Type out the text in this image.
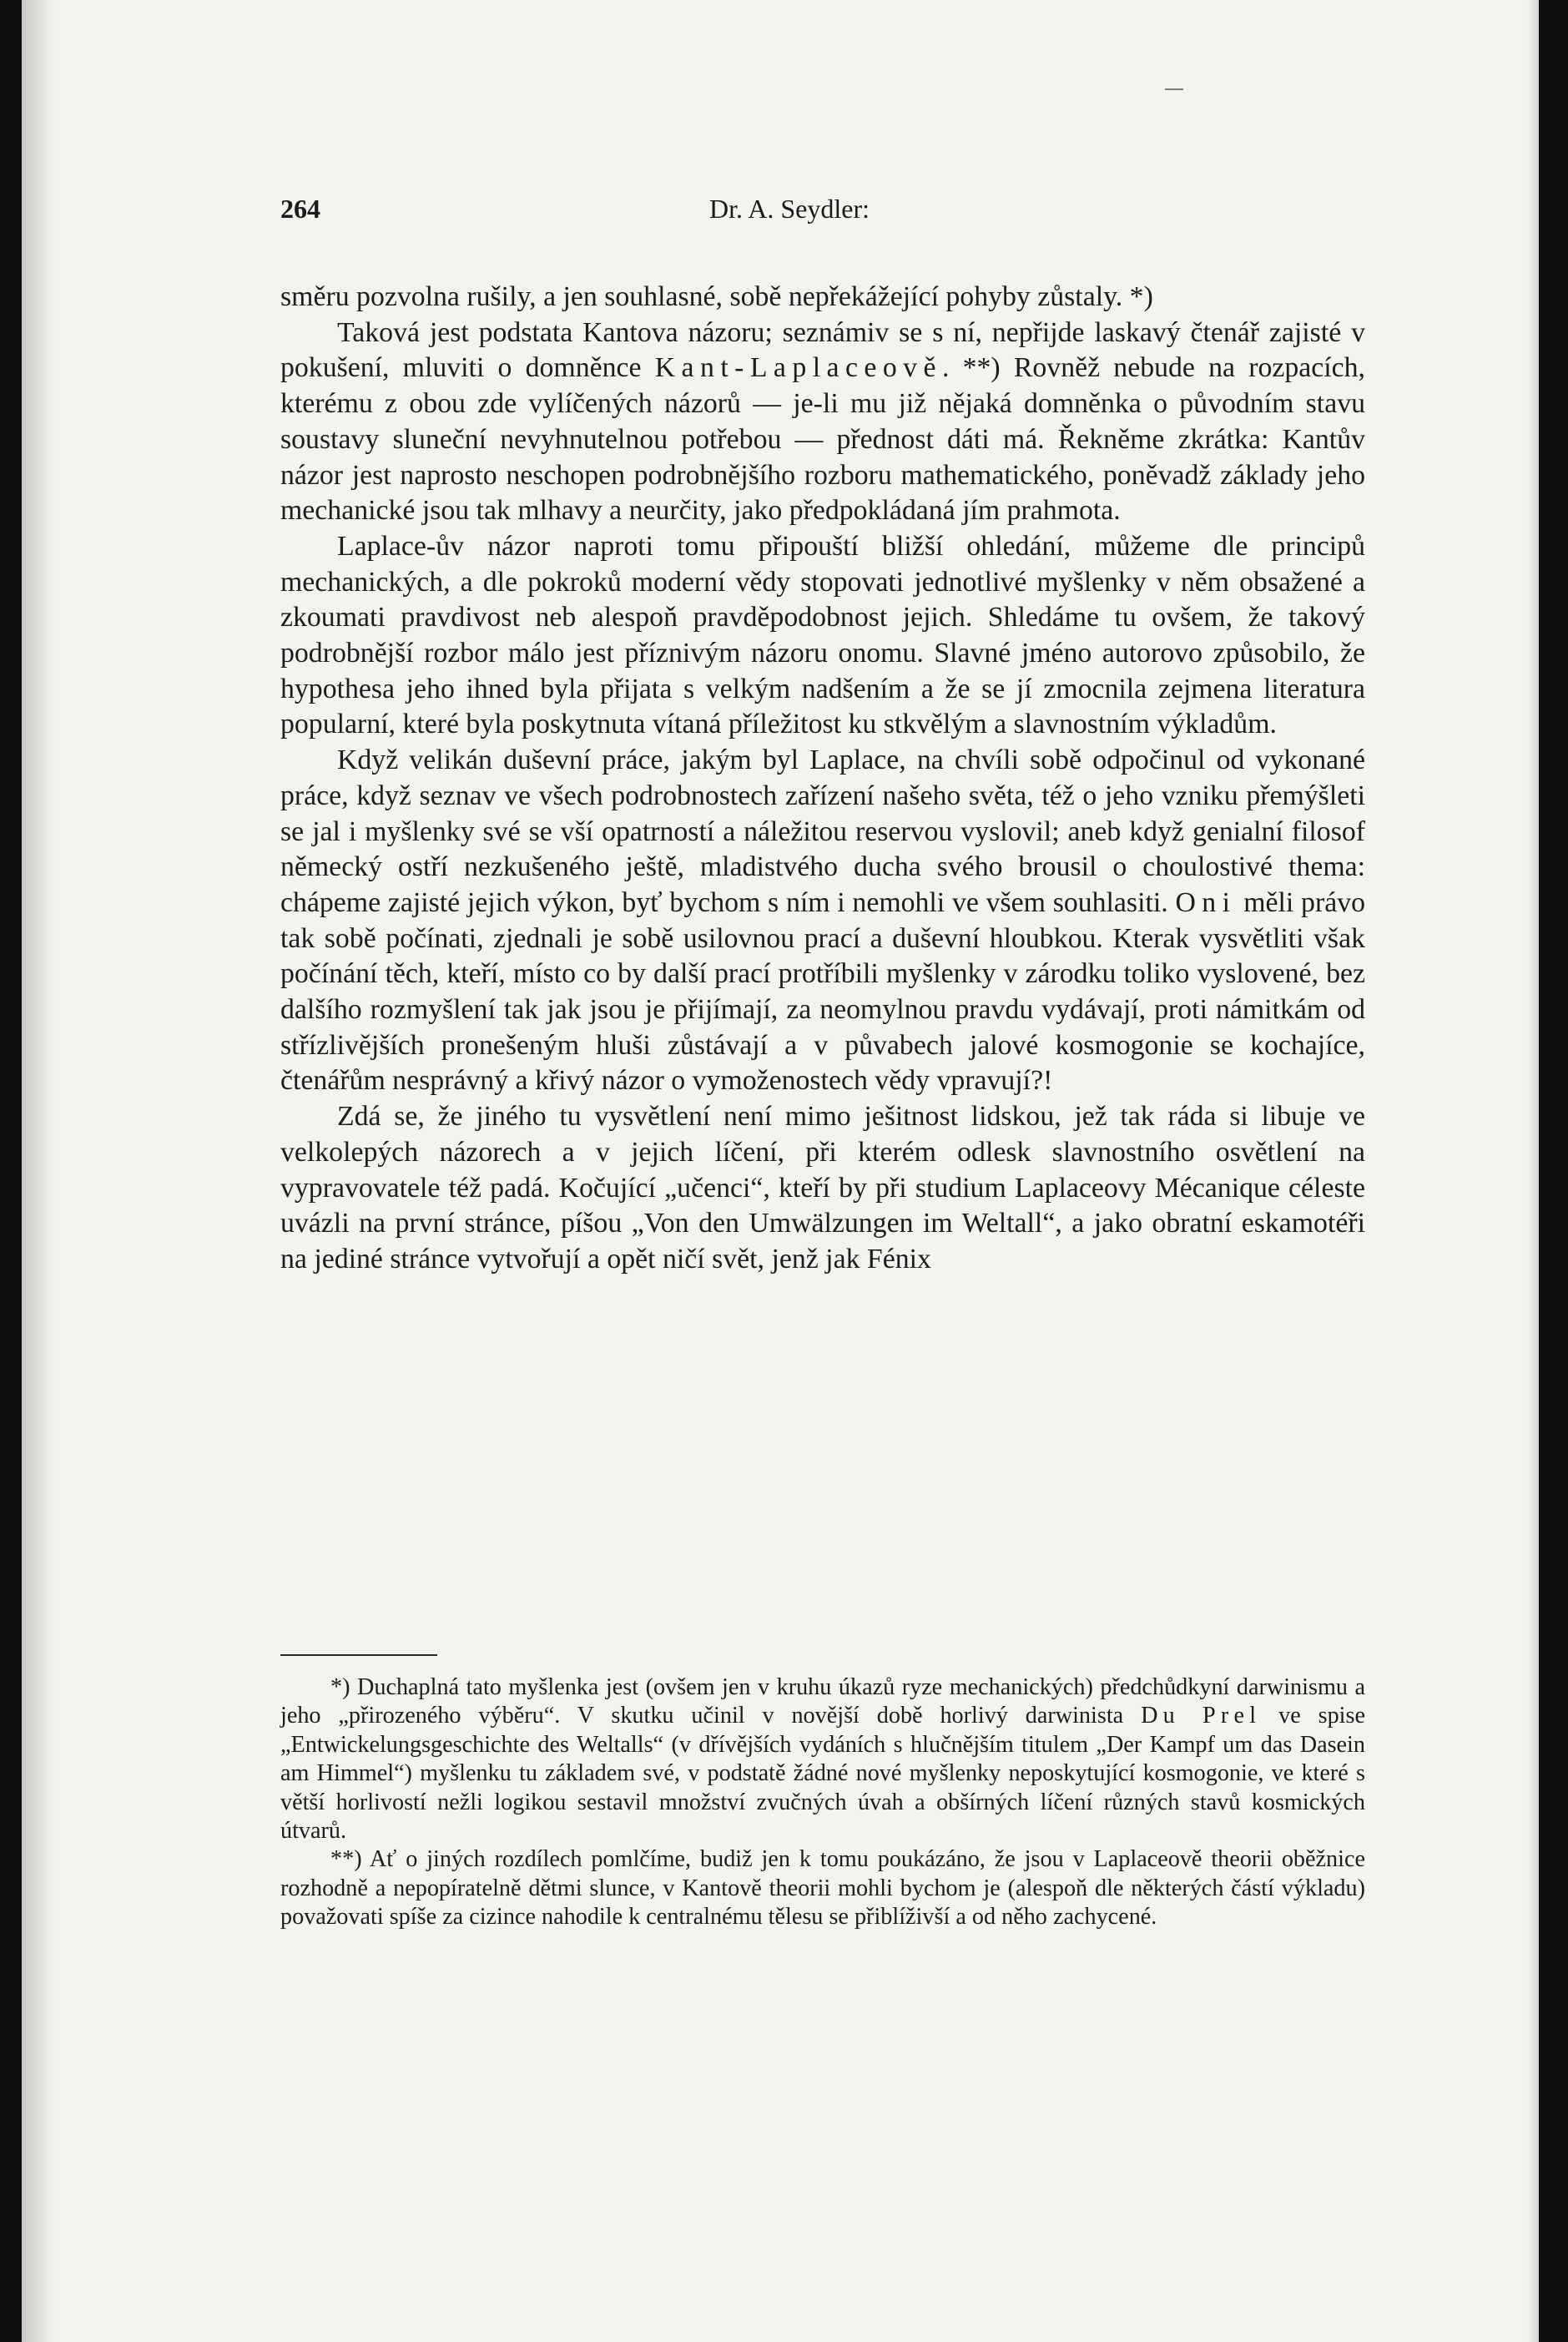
264	Dr. A. Seydler:

směru pozvolna rušily, a jen souhlasné, sobě nepřekážející pohyby zůstaly. *)

Taková jest podstata Kantova názoru; seznámiv se s ní, nepřijde laskavý čtenář zajisté v pokušení, mluviti o domněnce Kant-Laplaceově. **) Rovněž nebude na rozpacích, kterému z obou zde vylíčených názorů — je-li mu již nějaká domněnka o původním stavu soustavy sluneční nevyhnutelnou potřebou — přednost dáti má. Řekněme zkrátka: Kantův názor jest naprosto neschopen podrobnějšího rozboru mathematického, poněvadž základy jeho mechanické jsou tak mlhavy a neurčity, jako předpokládaná jím prahmota.

Laplace-ův názor naproti tomu připouští bližší ohledání, můžeme dle principů mechanických, a dle pokroků moderní vědy stopovati jednotlivé myšlenky v něm obsažené a zkoumati pravdivost neb alespoň pravděpodobnost jejich. Shledáme tu ovšem, že takový podrobnější rozbor málo jest příznivým názoru onomu. Slavné jméno autorovo způsobilo, že hypothesa jeho ihned byla přijata s velkým nadšením a že se jí zmocnila zejmena literatura popularní, které byla poskytnuta vítaná příležitost ku stkvělým a slavnostním výkladům.

Když velikán duševní práce, jakým byl Laplace, na chvíli sobě odpočinul od vykonané práce, když seznav ve všech podrobnostech zařízení našeho světa, též o jeho vzniku přemýšleti se jal i myšlenky své se vší opatrností a náležitou reservou vyslovil; aneb když genialní filosof německý ostří nezkušeného ještě, mladistvého ducha svého brousil o choulostivé thema: chápeme zajisté jejich výkon, byť bychom s ním i nemohli ve všem souhlasiti. Oni měli právo tak sobě počínati, zjednali je sobě usilovnou prací a duševní hloubkou. Kterak vysvětliti však počínání těch, kteří, místo co by další prací protříbili myšlenky v zárodku toliko vyslovené, bez dalšího rozmyšlení tak jak jsou je přijímají, za neomylnou pravdu vydávají, proti námitkám od střízlivějších pronešeným hluši zůstávají a v půvabech jalové kosmogonie se kochajíce, čtenářům nesprávný a křivý názor o vymoženostech vědy vpravují?!

Zdá se, že jiného tu vysvětlení není mimo ješitnost lidskou, jež tak ráda si libuje ve velkolepých názorech a v jejich líčení, při kterém odlesk slavnostního osvětlení na vypravovatele též padá. Kočující „učenci“, kteří by při studium Laplaceovy Mécanique céleste uvázli na první stránce, píšou „Von den Umwälzungen im Weltall“, a jako obratní eskamotéři na jediné stránce vytvořují a opět ničí svět, jenž jak Fénix

*) Duchaplná tato myšlenka jest (ovšem jen v kruhu úkazů ryze mechanických) předchůdkyní darwinismu a jeho „přirozeného výběru“. V skutku učinil v novější době horlivý darwinista Du Prel ve spise „Entwickelungsgeschichte des Weltalls“ (v dřívějších vydáních s hlučnějším titulem „Der Kampf um das Dasein am Himmel“) myšlenku tu základem své, v podstatě žádné nové myšlenky neposkytující kosmogonie, ve které s větší horlivostí nežli logikou sestavil množství zvučných úvah a obšírných líčení různých stavů kosmických útvarů.

**) Ať o jiných rozdílech pomlčíme, budiž jen k tomu poukázáno, že jsou v Laplaceově theorii oběžnice rozhodně a nepopíratelně dětmi slunce, v Kantově theorii mohli bychom je (alespoň dle některých částí výkladu) považovati spíše za cizince nahodile k centralnému tělesu se přiblíživší a od něho zachycené.
